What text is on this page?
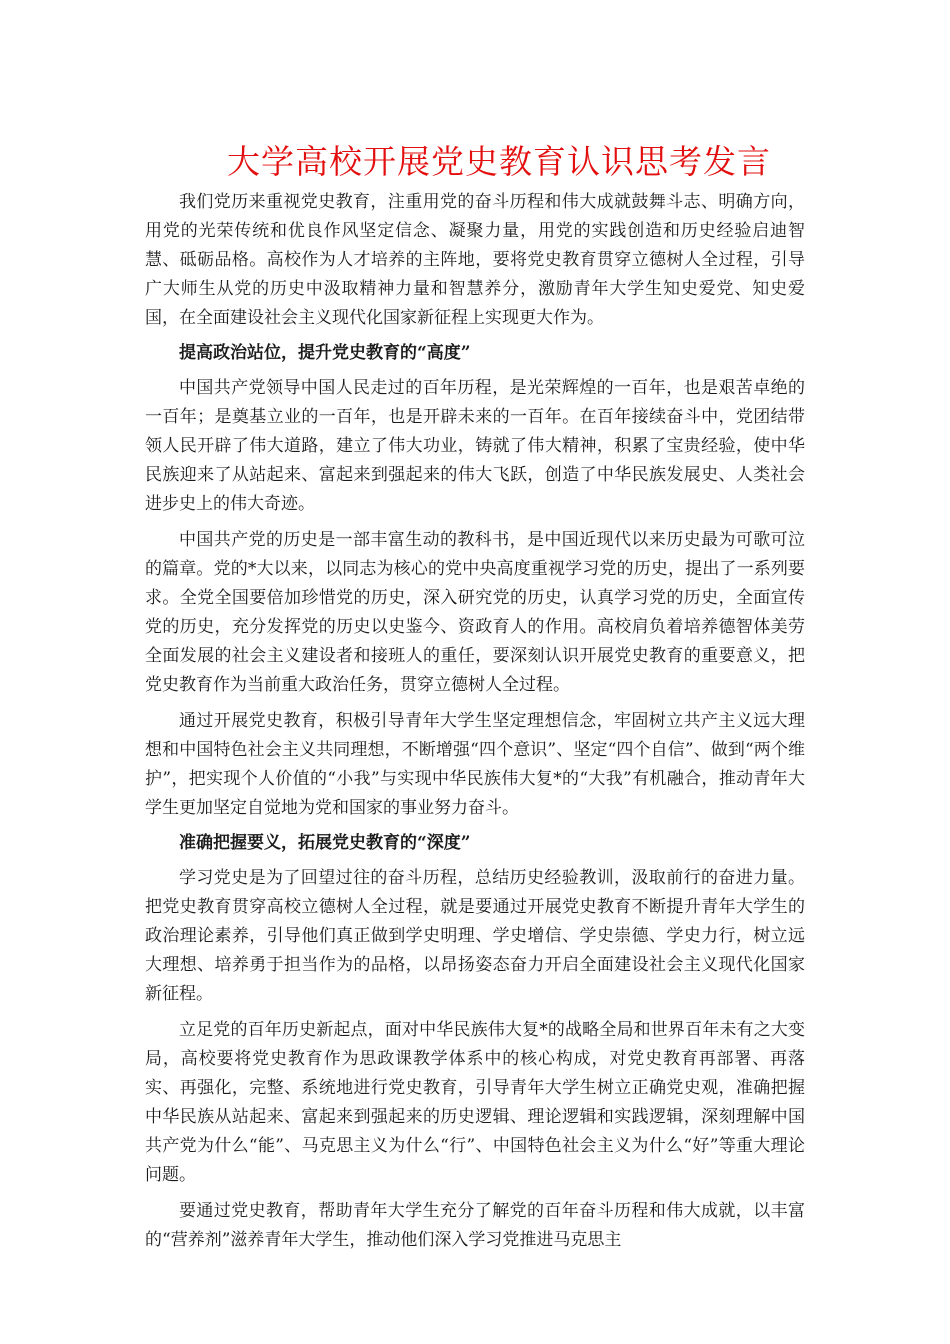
大学高校开展党史教育认识思考发言

我们党历来重视党史教育，注重用党的奋斗历程和伟大成就鼓舞斗志、明确方向，用党的光荣传统和优良作风坚定信念、凝聚力量，用党的实践创造和历史经验启迪智慧、砥砺品格。高校作为人才培养的主阵地，要将党史教育贯穿立德树人全过程，引导广大师生从党的历史中汲取精神力量和智慧养分，激励青年大学生知史爱党、知史爱国，在全面建设社会主义现代化国家新征程上实现更大作为。

提高政治站位，提升党史教育的“高度”

中国共产党领导中国人民走过的百年历程，是光荣辉煌的一百年，也是艰苦卓绝的一百年；是奠基立业的一百年，也是开辟未来的一百年。在百年接续奋斗中，党团结带领人民开辟了伟大道路，建立了伟大功业，铸就了伟大精神，积累了宝贵经验，使中华民族迎来了从站起来、富起来到强起来的伟大飞跃，创造了中华民族发展史、人类社会进步史上的伟大奇迹。

中国共产党的历史是一部丰富生动的教科书，是中国近现代以来历史最为可歌可泣的篇章。党的*大以来，以同志为核心的党中央高度重视学习党的历史，提出了一系列要求。全党全国要倍加珍惜党的历史，深入研究党的历史，认真学习党的历史，全面宣传党的历史，充分发挥党的历史以史鉴今、资政育人的作用。高校肩负着培养德智体美劳全面发展的社会主义建设者和接班人的重任，要深刻认识开展党史教育的重要意义，把党史教育作为当前重大政治任务，贯穿立德树人全过程。

通过开展党史教育，积极引导青年大学生坚定理想信念，牢固树立共产主义远大理想和中国特色社会主义共同理想，不断增强“四个意识”、坚定“四个自信”、做到“两个维护”，把实现个人价值的“小我”与实现中华民族伟大复*的“大我”有机融合，推动青年大学生更加坚定自觉地为党和国家的事业努力奋斗。

准确把握要义，拓展党史教育的“深度”

学习党史是为了回望过往的奋斗历程，总结历史经验教训，汲取前行的奋进力量。把党史教育贯穿高校立德树人全过程，就是要通过开展党史教育不断提升青年大学生的政治理论素养，引导他们真正做到学史明理、学史增信、学史崇德、学史力行，树立远大理想、培养勇于担当作为的品格，以昂扬姿态奋力开启全面建设社会主义现代化国家新征程。

立足党的百年历史新起点，面对中华民族伟大复*的战略全局和世界百年未有之大变局，高校要将党史教育作为思政课教学体系中的核心构成，对党史教育再部署、再落实、再强化，完整、系统地进行党史教育，引导青年大学生树立正确党史观，准确把握中华民族从站起来、富起来到强起来的历史逻辑、理论逻辑和实践逻辑，深刻理解中国共产党为什么“能”、马克思主义为什么“行”、中国特色社会主义为什么“好”等重大理论问题。

要通过党史教育，帮助青年大学生充分了解党的百年奋斗历程和伟大成就，以丰富的“营养剂”滋养青年大学生，推动他们深入学习党推进马克思主
